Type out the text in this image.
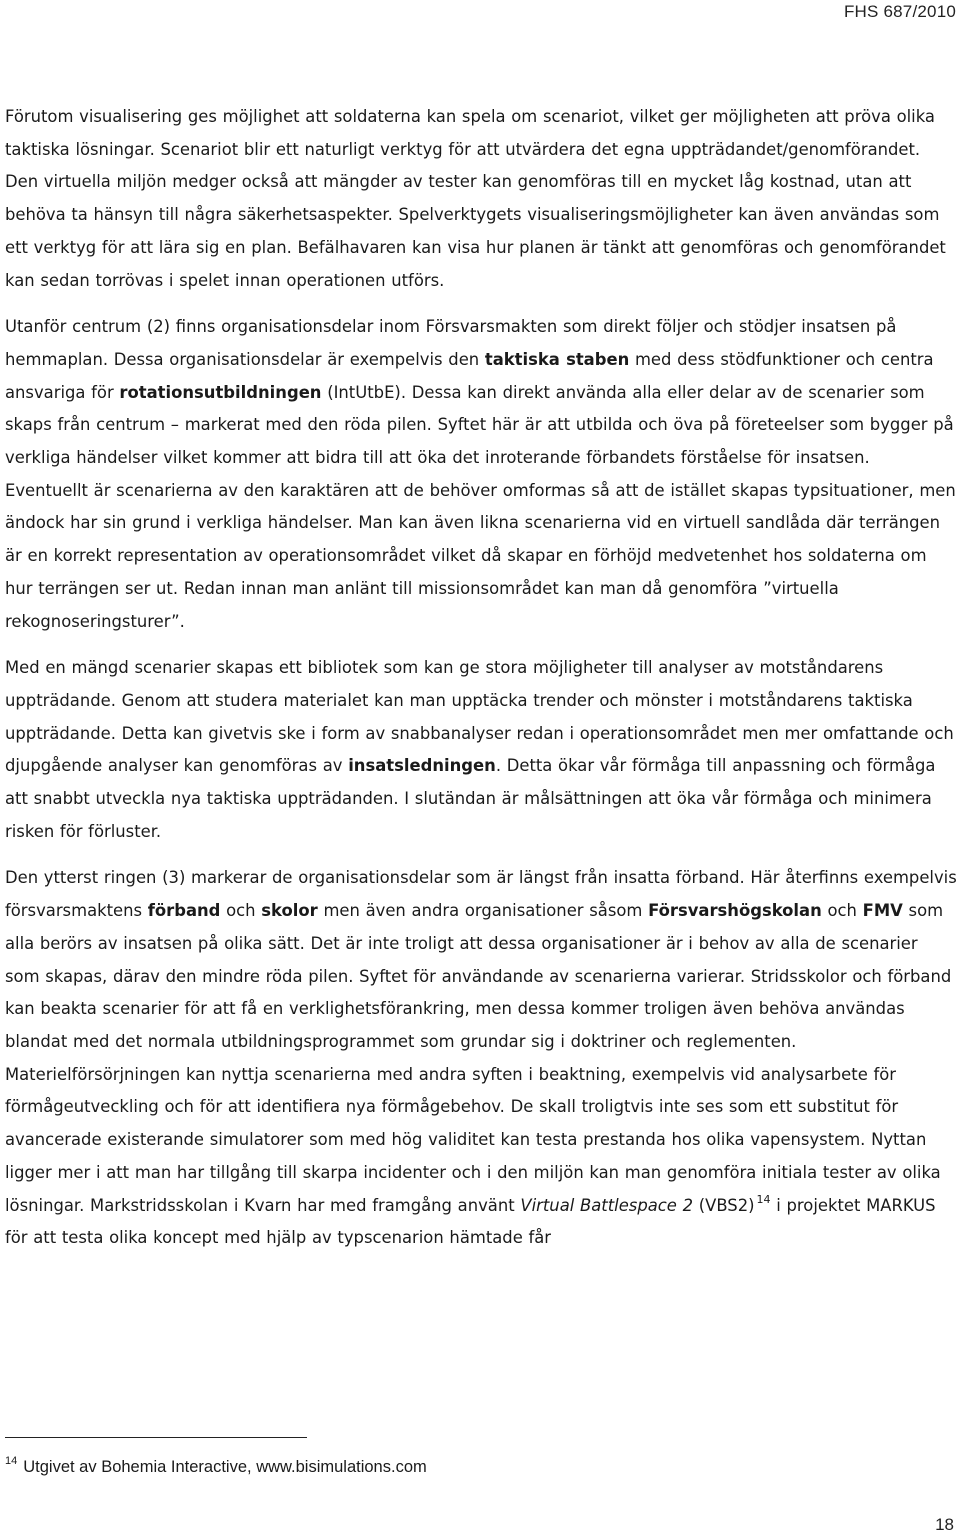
FHS 687/2010

Förutom visualisering ges möjlighet att soldaterna kan spela om scenariot, vilket ger möjligheten att pröva olika taktiska lösningar. Scenariot blir ett naturligt verktyg för att utvärdera det egna uppträdandet/genomförandet. Den virtuella miljön medger också att mängder av tester kan genomföras till en mycket låg kostnad, utan att behöva ta hänsyn till några säkerhetsaspekter. Spelverktygets visualiseringsmöjligheter kan även användas som ett verktyg för att lära sig en plan. Befälhavaren kan visa hur planen är tänkt att genomföras och genomförandet kan sedan torrövas i spelet innan operationen utförs.

Utanför centrum (2) finns organisationsdelar inom Försvarsmakten som direkt följer och stödjer insatsen på hemmaplan. Dessa organisationsdelar är exempelvis den taktiska staben med dess stödfunktioner och centra ansvariga för rotationsutbildningen (IntUtbE). Dessa kan direkt använda alla eller delar av de scenarier som skaps från centrum – markerat med den röda pilen. Syftet här är att utbilda och öva på företeelser som bygger på verkliga händelser vilket kommer att bidra till att öka det inroterande förbandets förståelse för insatsen. Eventuellt är scenarierna av den karaktären att de behöver omformas så att de istället skapas typsituationer, men ändock har sin grund i verkliga händelser. Man kan även likna scenarierna vid en virtuell sandlåda där terrängen är en korrekt representation av operationsområdet vilket då skapar en förhöjd medvetenhet hos soldaterna om hur terrängen ser ut. Redan innan man anlänt till missionsområdet kan man då genomföra ”virtuella rekognoseringsturer”.

Med en mängd scenarier skapas ett bibliotek som kan ge stora möjligheter till analyser av motståndarens uppträdande. Genom att studera materialet kan man upptäcka trender och mönster i motståndarens taktiska uppträdande. Detta kan givetvis ske i form av snabbanalyser redan i operationsområdet men mer omfattande och djupgående analyser kan genomföras av insatsledningen. Detta ökar vår förmåga till anpassning och förmåga att snabbt utveckla nya taktiska uppträdanden. I slutändan är målsättningen att öka vår förmåga och minimera risken för förluster.

Den ytterst ringen (3) markerar de organisationsdelar som är längst från insatta förband. Här återfinns exempelvis försvarsmaktens förband och skolor men även andra organisationer såsom Försvarshögskolan och FMV som alla berörs av insatsen på olika sätt. Det är inte troligt att dessa organisationer är i behov av alla de scenarier som skapas, därav den mindre röda pilen. Syftet för användande av scenarierna varierar. Stridsskolor och förband kan beakta scenarier för att få en verklighetsförankring, men dessa kommer troligen även behöva användas blandat med det normala utbildningsprogrammet som grundar sig i doktriner och reglementen. Materielförsörjningen kan nyttja scenarierna med andra syften i beaktning, exempelvis vid analysarbete för förmågeutveckling och för att identifiera nya förmågebehov. De skall troligtvis inte ses som ett substitut för avancerade existerande simulatorer som med hög validitet kan testa prestanda hos olika vapensystem. Nyttan ligger mer i att man har tillgång till skarpa incidenter och i den miljön kan man genomföra initiala tester av olika lösningar. Markstridsskolan i Kvarn har med framgång använt Virtual Battlespace 2 (VBS2) $^{14}$ i projektet MARKUS för att testa olika koncept med hjälp av typscenarion hämtade får

$^{14}$ Utgivet av Bohemia Interactive, www.bisimulations.com
18
